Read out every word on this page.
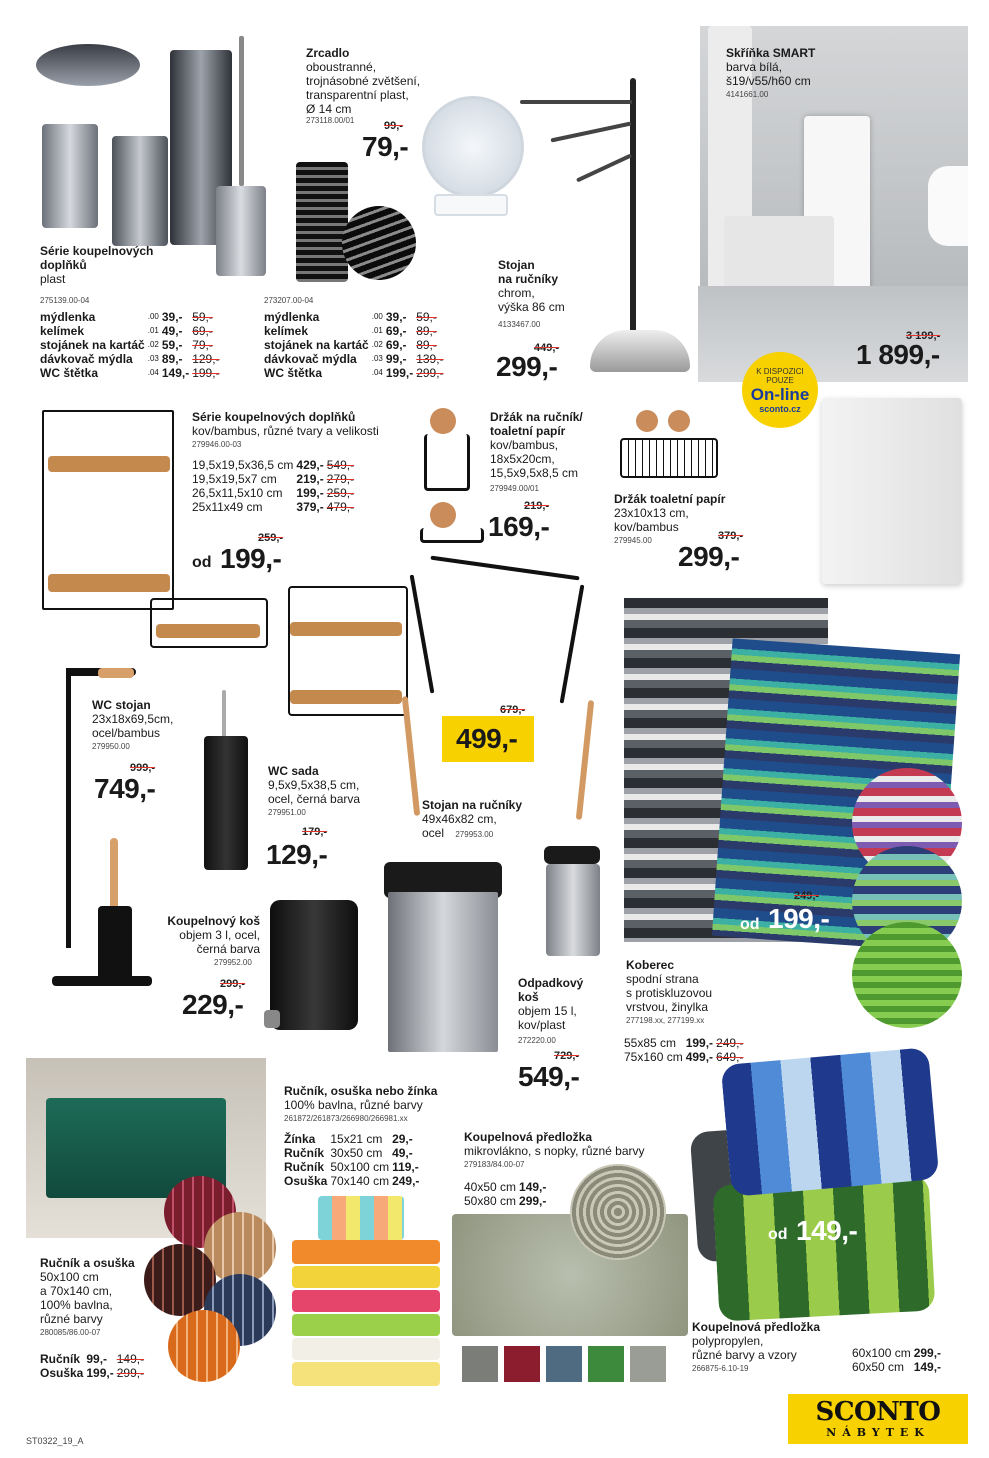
Série koupelnových doplňků
plast
275139.00-04
mýdlenka	.00	39,-	59,-
kelímek	.01	49,-	69,-
stojánek na kartáč	.02	59,-	79,-
dávkovač mýdla	.03	89,-	129,-
WC štětka	.04	149,-	199,-
273207.00-04
mýdlenka	.00	39,-	59,-
kelímek	.01	69,-	89,-
stojánek na kartáč	.02	69,-	89,-
dávkovač mýdla	.03	99,-	139,-
WC štětka	.04	199,-	299,-
Zrcadlo
oboustranné,
trojnásobné zvětšení,
transparentní plast,
Ø 14 cm
273118.00/01	99,-
79,-
Stojan
na ručníky
chrom,
výška 86 cm
4133467.00
449,-
299,-
Skříňka SMART
barva bílá,
š19/v55/h60 cm
4141661.00
3 199,-
1 899,-
K DISPOZICI
POUZE
On-line
sconto.cz
Série koupelnových doplňků
kov/bambus, různé tvary a velikosti
279946.00-03
19,5x19,5x36,5 cm	429,-	549,-
19,5x19,5x7 cm	219,-	279,-
26,5x11,5x10 cm	199,-	259,-
25x11x49 cm	379,-	479,-
259,-
od 199,-
Držák na ručník/
toaletní papír
kov/bambus,
18x5x20cm,
15,5x9,5x8,5 cm
279949.00/01
219,-
169,-
Držák toaletní papír
23x10x13 cm,
kov/bambus
279945.00	379,-
299,-
WC stojan
23x18x69,5cm,
ocel/bambus
279950.00
999,-
749,-
WC sada
9,5x9,5x38,5 cm,
ocel, černá barva
279951.00
179,-
129,-
679,-
499,-
Stojan na ručníky
49x46x82 cm,
ocel 279953.00
249,-
od 199,-
Koupelnový koš
objem 3 l, ocel,
černá barva
279952.00
299,-
229,-
Odpadkový
koš
objem 15 l,
kov/plast
272220.00
729,-
549,-
Koberec
spodní strana
s protiskluzovou
vrstvou, žinylka
277198.xx, 277199.xx
55x85 cm	199,-	249,-
75x160 cm	499,-	649,-
Ručník a osuška
50x100 cm
a 70x140 cm,
100% bavlna,
různé barvy
280085/86.00-07
Ručník	99,-	149,-
Osuška	199,-	299,-
Ručník, osuška nebo žínka
100% bavlna, různé barvy
261872/261873/266980/266981.xx
Žínka	15x21 cm	29,-
Ručník	30x50 cm	49,-
Ručník	50x100 cm	119,-
Osuška	70x140 cm	249,-
Koupelnová předložka
mikrovlákno, s nopky, různé barvy
279183/84.00-07
40x50 cm	149,-
50x80 cm	299,-
od 149,-
Koupelnová předložka
polypropylen,
různé barvy a vzory
266875-6.10-19
60x100 cm	299,-
60x50 cm	149,-
ST0322_19_A
SCONTO
NÁBYTEK
